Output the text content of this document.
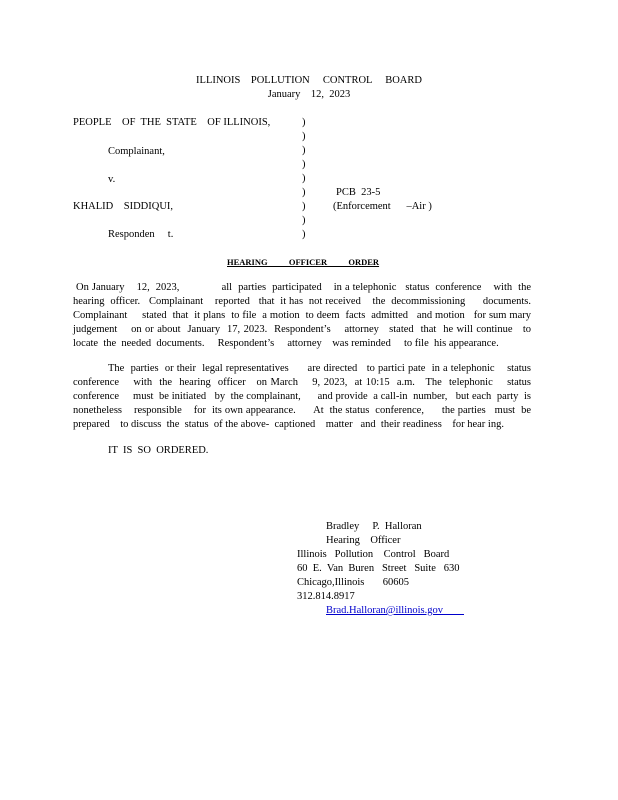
ILLINOIS    POLLUTION     CONTROL     BOARD
January    12,  2023
PEOPLE    OF  THE  STATE    OF ILLINOIS,
Complainant,
v.
KHALID    SIDDIQUI,
Responden     t.
)
)
)
)
)
)
)
)
)
PCB  23-5
(Enforcement      –Air )
HEARING          OFFICER          ORDER
On January    12,  2023,              all  parties  participated    in a telephonic   status  conference    with  the
hearing  officer.   Complainant    reported   that  it has  not received    the  decommissioning      documents.
Complainant     stated  that  it plans  to file  a motion  to deem  facts  admitted   and motion   for sum mary
judgement    on or about  January  17, 2023.  Respondent’s    attorney   stated  that  he will continue   to
locate  the  needed  documents.     Respondent’s     attorney    was reminded     to file  his appearance.
The  parties  or their  legal representatives      are directed   to partici pate  in a telephonic    status
conference    with  the  hearing  officer   on March    9, 2023,  at 10:15  a.m.   The  telephonic    status
conference     must  be initiated   by  the complainant,      and provide  a call-in  number,   but each  party  is
nonetheless    responsible    for  its own appearance.      At  the status  conference,      the parties   must  be
prepared    to discuss  the  status  of the above-  captioned    matter   and  their readiness    for hear ing.
IT  IS  SO  ORDERED.
Bradley     P.  Halloran
Hearing    Officer
Illinois   Pollution    Control   Board
60  E.  Van  Buren   Street   Suite   630
Chicago,Illinois       60605
312.814.8917
Brad.Halloran@illinois.gov
